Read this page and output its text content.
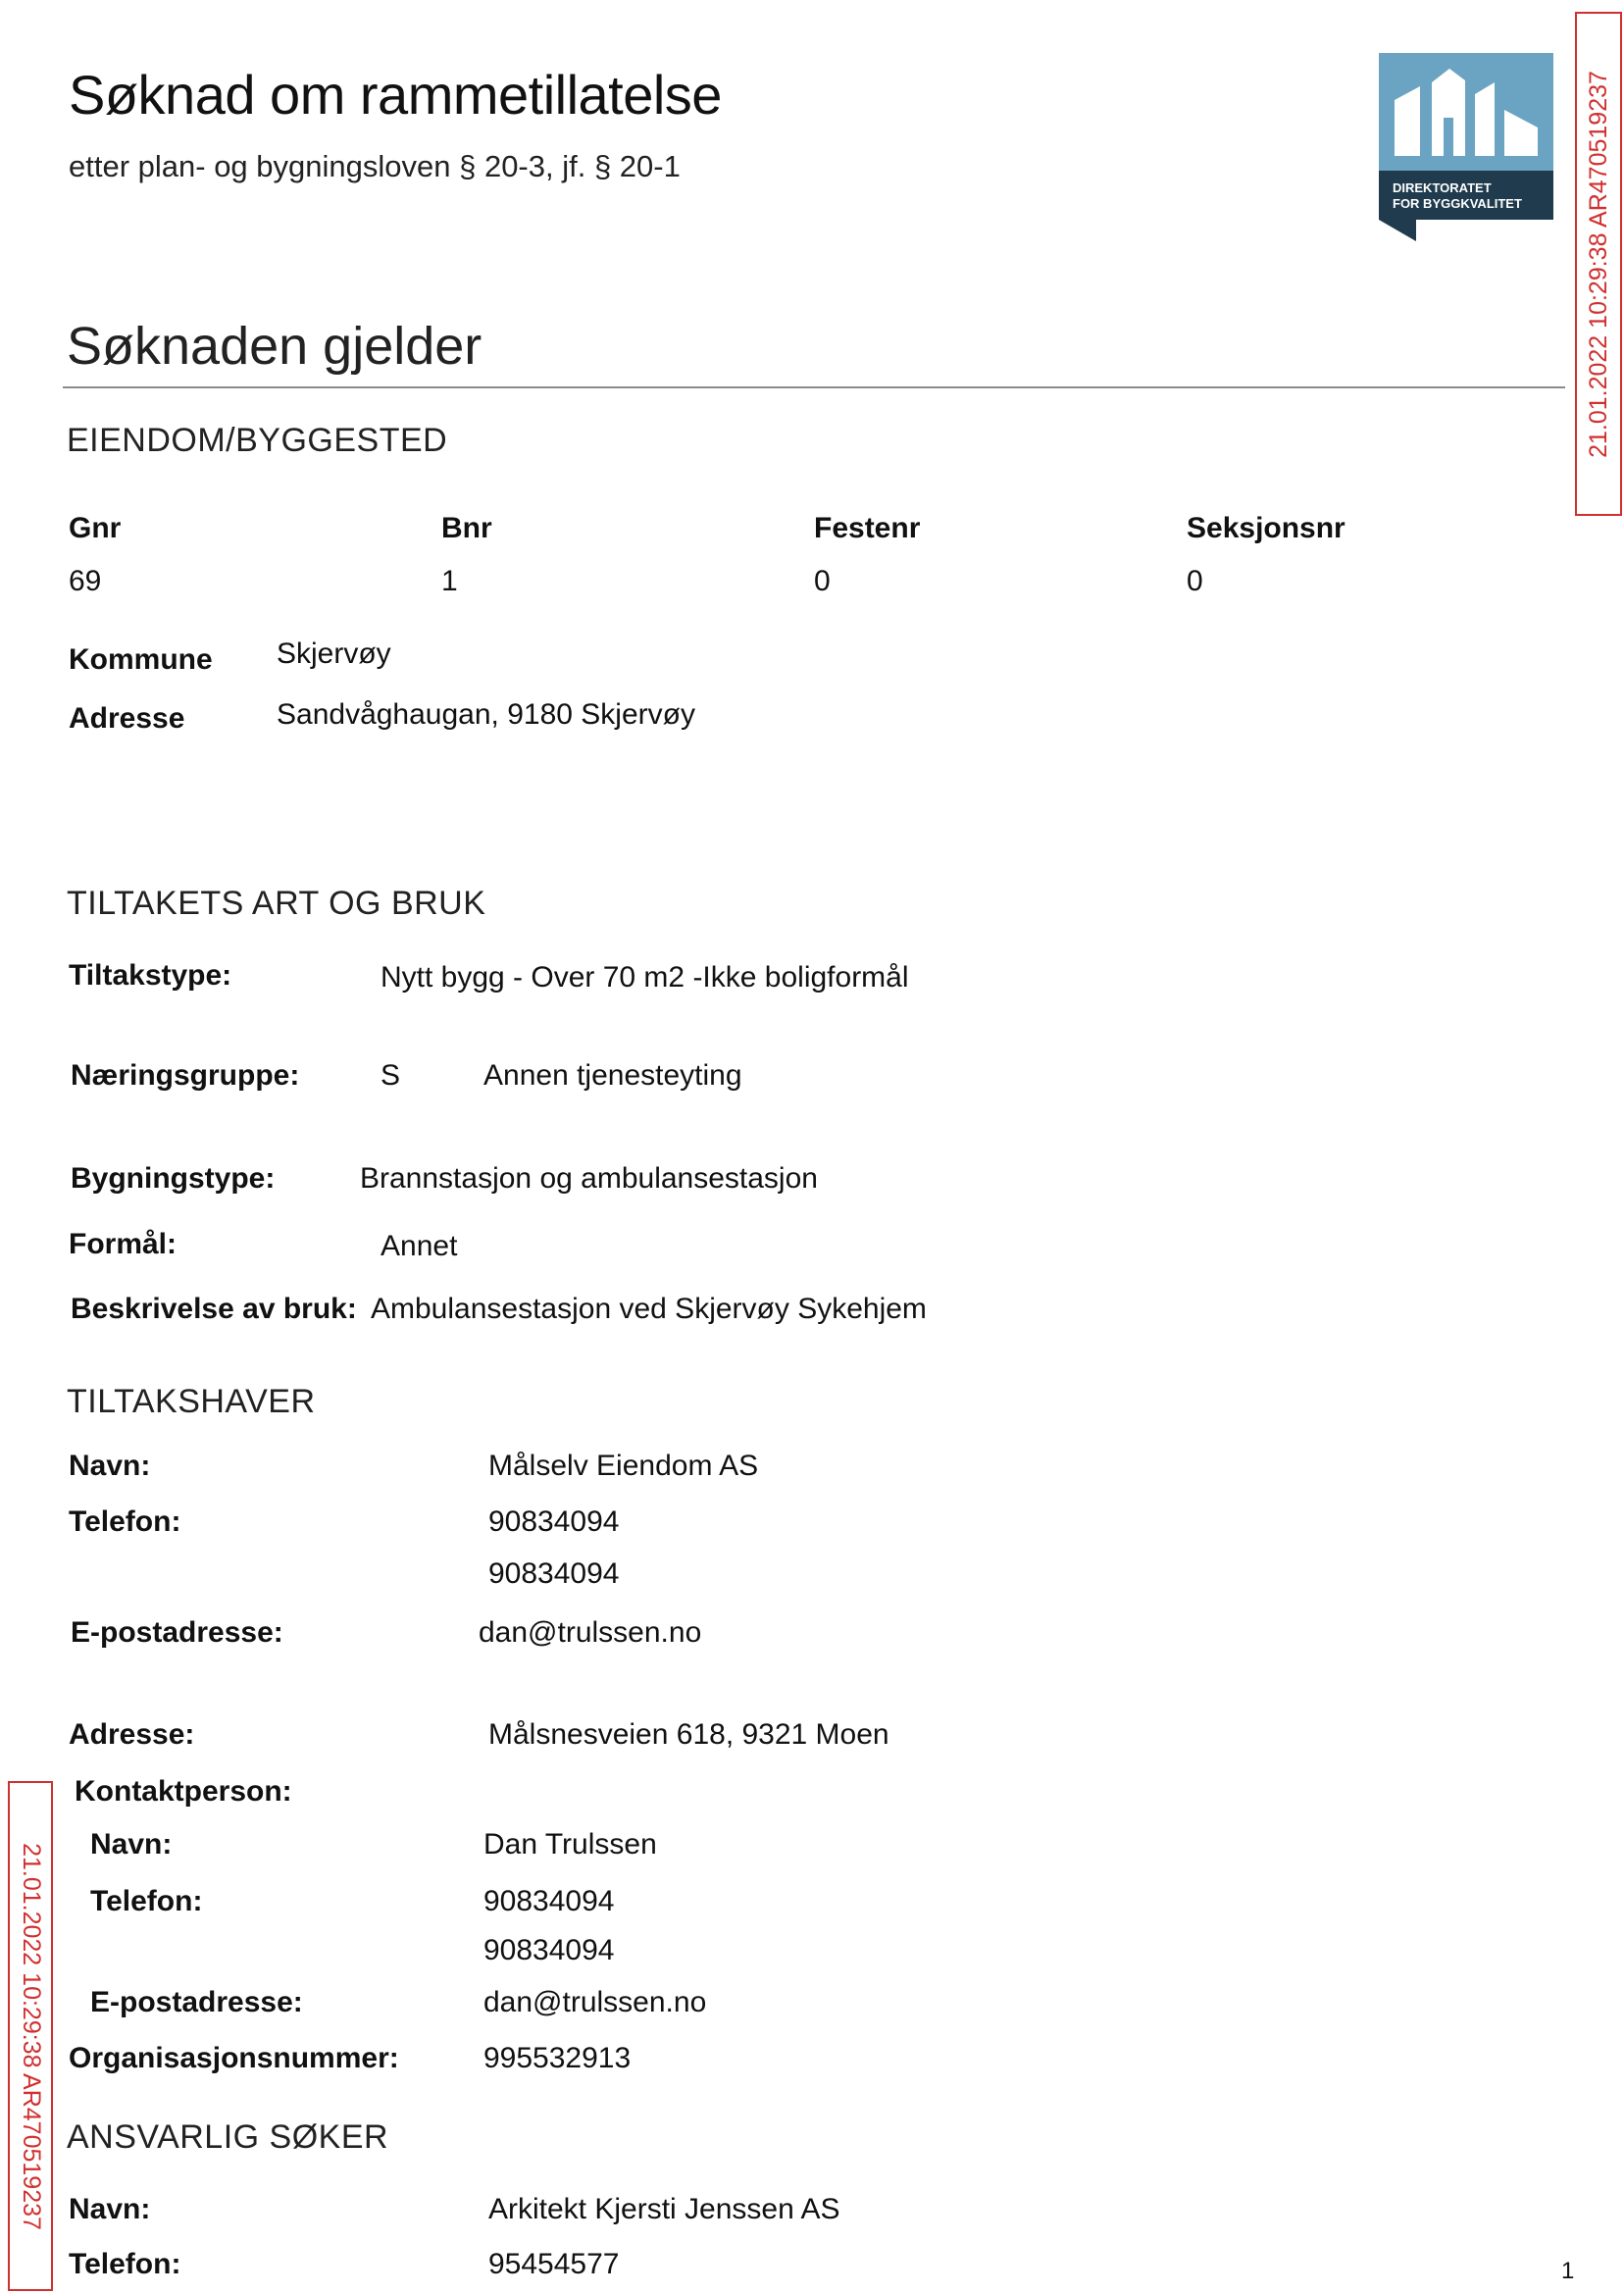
Søknad om rammetillatelse
etter plan- og bygningsloven § 20-3, jf. § 20-1
DIREKTORATET
FOR BYGGKVALITET	21.01.2022 10:29:38 AR470519237
21.01.2022 10:29:38 AR470519237
Søknaden gjelder
EIENDOM/BYGGESTED
Gnr	Bnr	Festenr	Seksjonsnr
69	1	0	0
Kommune Skjervøy
Adresse	Sandvåghaugan, 9180 Skjervøy
TILTAKETS ART OG BRUK
Tiltakstype:	Nytt bygg - Over 70 m2 -Ikke boligformål
Næringsgruppe:	S	Annen tjenesteyting
Bygningstype:	Brannstasjon og ambulansestasjon
Formål:	Annet
Beskrivelse av bruk: Ambulansestasjon ved Skjervøy Sykehjem
TILTAKSHAVER
Navn:	Målselv Eiendom AS
Telefon:	90834094
90834094
E-postadresse:	dan@trulssen.no
Adresse:	Målsnesveien 618, 9321 Moen
Kontaktperson:
Navn:	Dan Trulssen
Telefon:	90834094
90834094
E-postadresse:	dan@trulssen.no
Organisasjonsnummer:	995532913
ANSVARLIG SØKER
Navn:	Arkitekt Kjersti Jenssen AS
Telefon:	95454577	1
